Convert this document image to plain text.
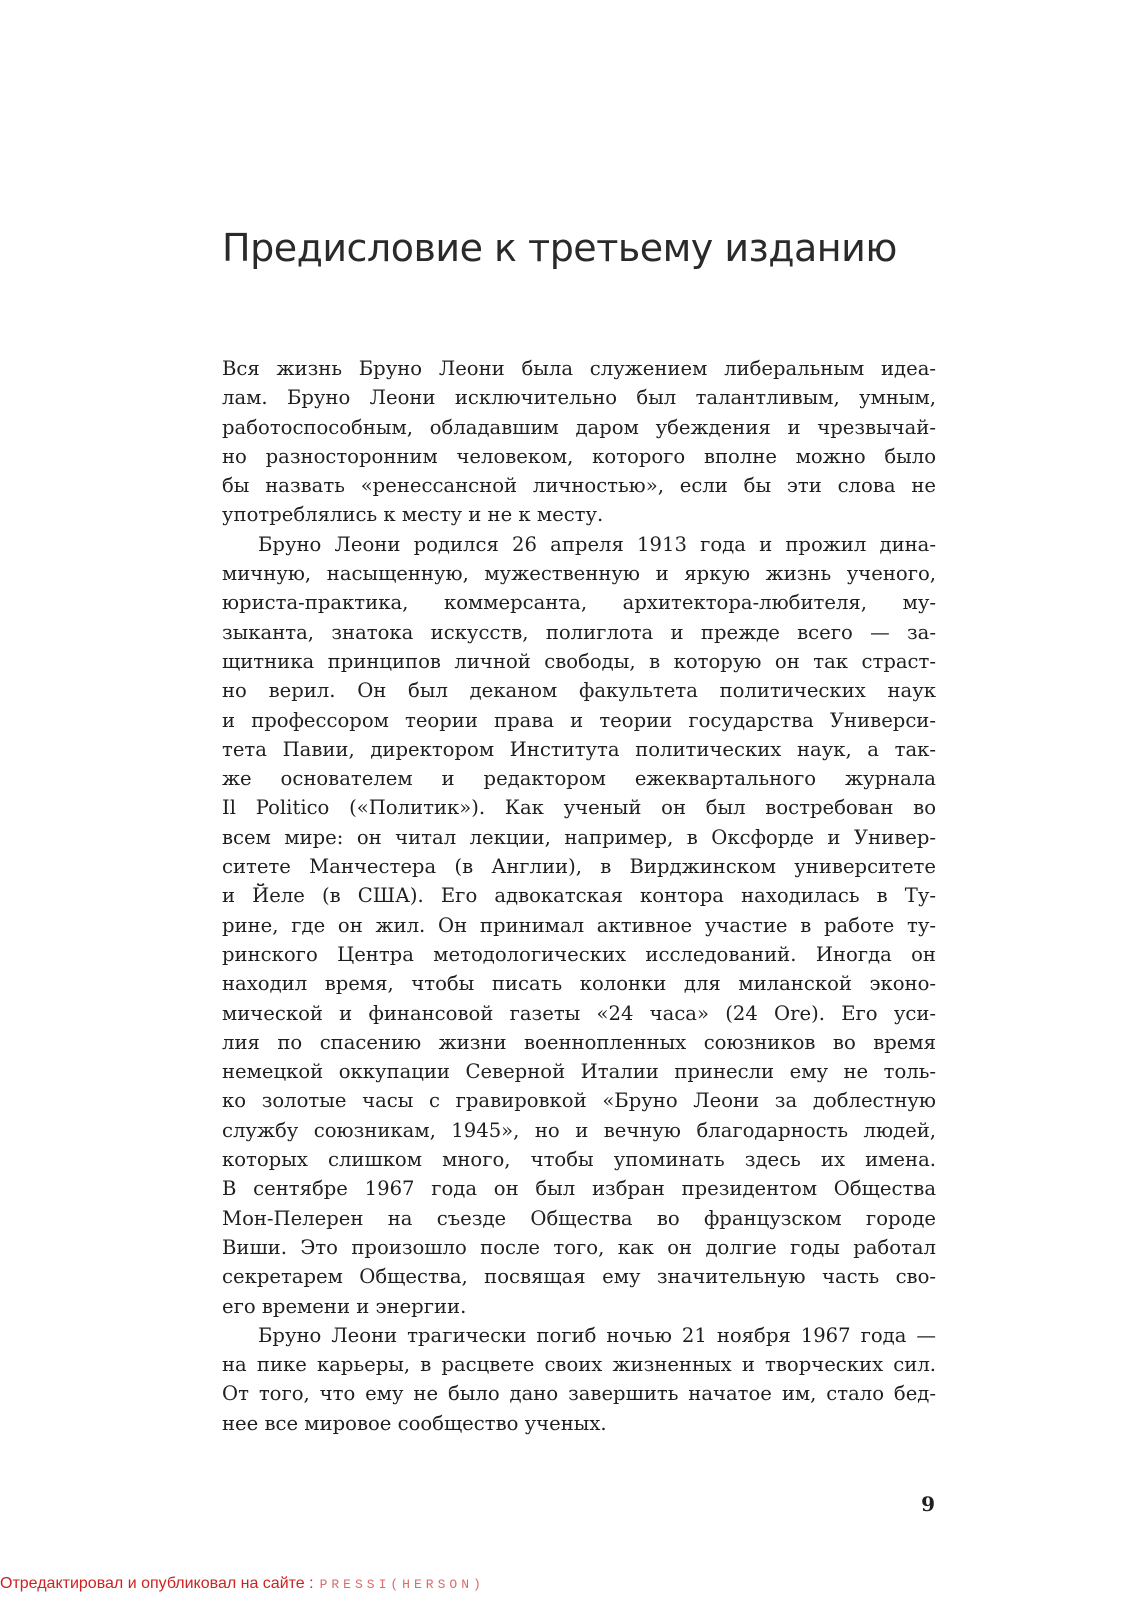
Предисловие к третьему изданию
Вся жизнь Бруно Леони была служением либеральным идеа-
лам. Бруно Леони исключительно был талантливым, умным,
работоспособным, обладавшим даром убеждения и чрезвычай-
но разносторонним человеком, которого вполне можно было
бы назвать «ренессансной личностью», если бы эти слова не
употреблялись к месту и не к месту.
Бруно Леони родился 26 апреля 1913 года и прожил дина-
мичную, насыщенную, мужественную и яркую жизнь ученого,
юриста-практика, коммерсанта, архитектора-любителя, му-
зыканта, знатока искусств, полиглота и прежде всего — за-
щитника принципов личной свободы, в которую он так страст-
но верил. Он был деканом факультета политических наук
и профессором теории права и теории государства Универси-
тета Павии, директором Института политических наук, а так-
же основателем и редактором ежеквартального журнала
Il Politico («Политик»). Как ученый он был востребован во
всем мире: он читал лекции, например, в Оксфорде и Универ-
ситете Манчестера (в Англии), в Вирджинском университете
и Йеле (в США). Его адвокатская контора находилась в Ту-
рине, где он жил. Он принимал активное участие в работе ту-
ринского Центра методологических исследований. Иногда он
находил время, чтобы писать колонки для миланской эконо-
мической и финансовой газеты «24 часа» (24 Ore). Его уси-
лия по спасению жизни военнопленных союзников во время
немецкой оккупации Северной Италии принесли ему не толь-
ко золотые часы с гравировкой «Бруно Леони за доблестную
службу союзникам, 1945», но и вечную благодарность людей,
которых слишком много, чтобы упоминать здесь их имена.
В сентябре 1967 года он был избран президентом Общества
Мон-Пелерен на съезде Общества во французском городе
Виши. Это произошло после того, как он долгие годы работал
секретарем Общества, посвящая ему значительную часть сво-
его времени и энергии.
Бруно Леони трагически погиб ночью 21 ноября 1967 года —
на пике карьеры, в расцвете своих жизненных и творческих сил.
От того, что ему не было дано завершить начатое им, стало бед-
нее все мировое сообщество ученых.
9
Отредактировал и опубликовал на сайте : PRESSI(HERSON)
